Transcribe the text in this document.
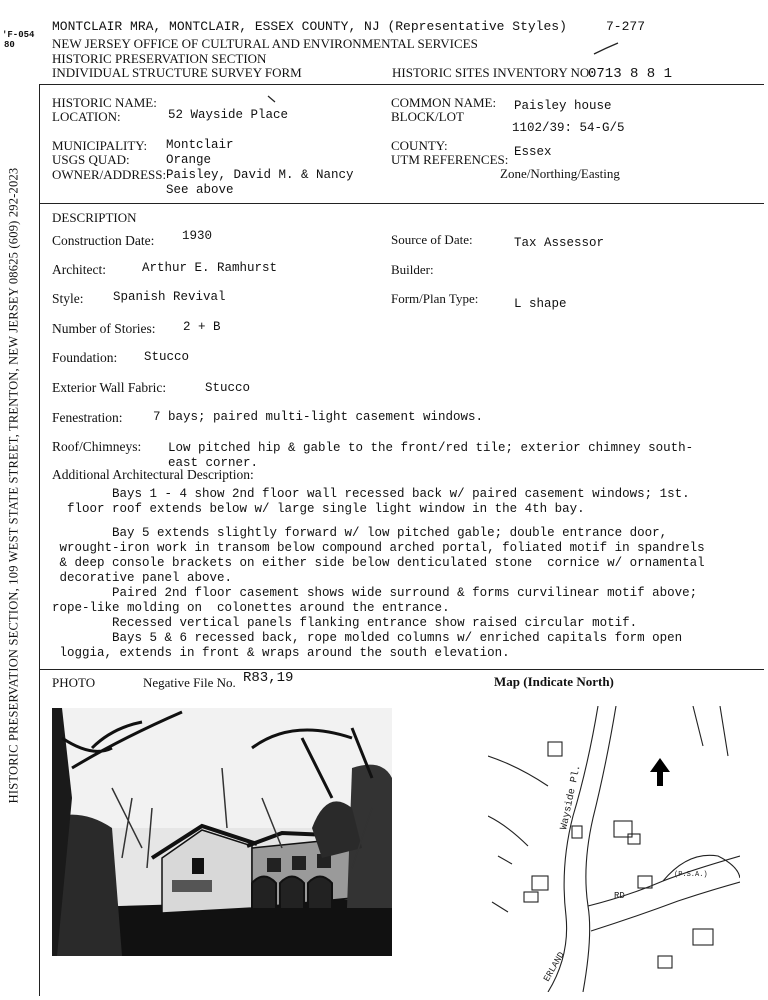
'F-054
80
7-277
HISTORIC PRESERVATION SECTION, 109 WEST STATE STREET, TRENTON, NEW JERSEY 08625 (609) 292-2023
MONTCLAIR MRA, MONTCLAIR, ESSEX COUNTY, NJ (Representative Styles)
NEW JERSEY OFFICE OF CULTURAL AND ENVIRONMENTAL SERVICES
HISTORIC PRESERVATION SECTION
INDIVIDUAL STRUCTURE SURVEY FORM	HISTORIC SITES INVENTORY NO.
0713 8 8 1
HISTORIC NAME:
LOCATION:	52 Wayside Place
COMMON NAME: Paisley house
BLOCK/LOT
1102/39: 54-G/5
MUNICIPALITY: Montclair
USGS QUAD:	Orange
OWNER/ADDRESS: Paisley, David M. & Nancy
See above
COUNTY:	Essex
UTM REFERENCES:
Zone/Northing/Easting
DESCRIPTION
Construction Date: 1930	Source of Date:	Tax Assessor
Architect:	Arthur E. Ramhurst	Builder:
Style: Spanish Revival	Form/Plan Type:	L shape
Number of Stories: 2 + B
Foundation: Stucco
Exterior Wall Fabric:	Stucco
Fenestration: 7 bays; paired multi-light casement windows.
Roof/Chimneys: Low pitched hip & gable to the front/red tile; exterior chimney south-
east corner.
Additional Architectural Description:
Bays 1 - 4 show 2nd floor wall recessed back w/ paired casement windows; 1st.
floor roof extends below w/ large single light window in the 4th bay.
Bay 5 extends slightly forward w/ low pitched gable; double entrance door,
wrought-iron work in transom below compound arched portal, foliated motif in spandrels
& deep console brackets on either side below denticulated stone  cornice w/ ornamental
decorative panel above.
Paired 2nd floor casement shows wide surround & forms curvilinear motif above;
rope-like molding on  colonettes around the entrance.
Recessed vertical panels flanking entrance show raised circular motif.
Bays 5 & 6 recessed back, rope molded columns w/ enriched capitals form open
loggia, extends in front & wraps around the south elevation.
PHOTO	Negative File No. R83,19	Map (Indicate North)
Wayside Pl.
RD
ERLAND
(P.S.A.)
